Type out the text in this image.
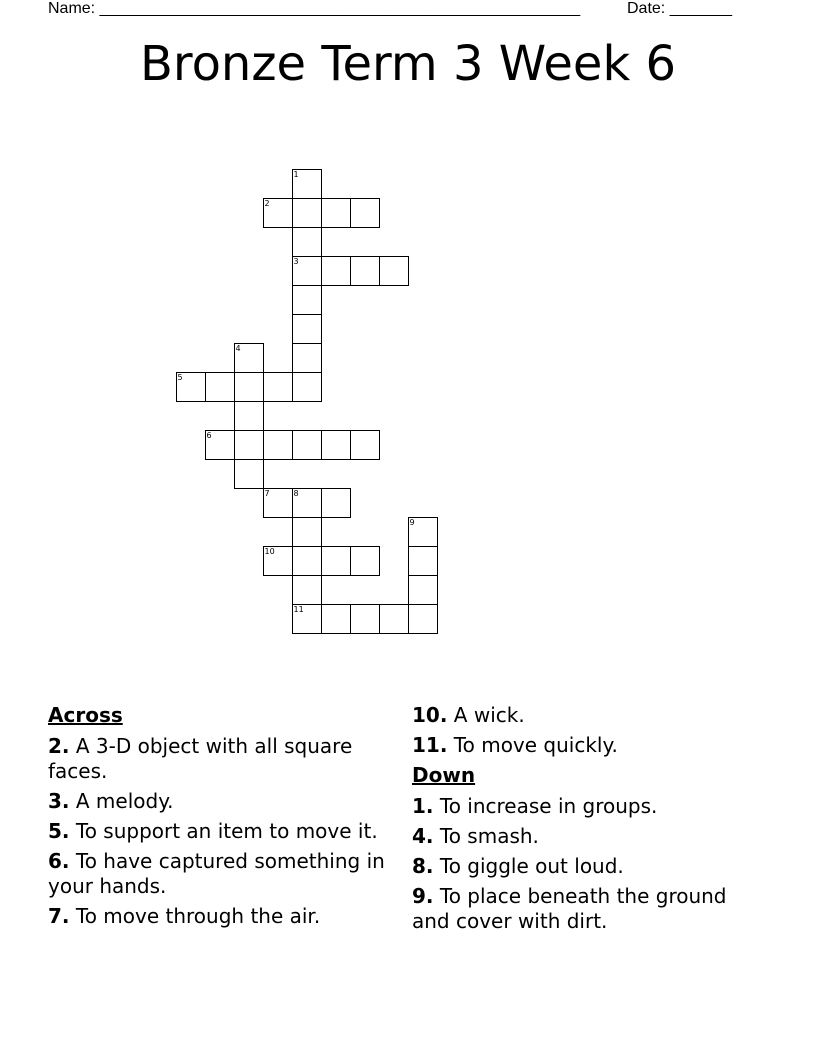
Name: ______________________________________________________	Date: _______
Bronze Term 3 Week 6
1
2
3
4
5
6
7	8
9
10
11
Across
2. A 3-D object with all square faces.
3. A melody.
5. To support an item to move it.
6. To have captured something in your hands.
7. To move through the air.
10. A wick.
11. To move quickly.
Down
1. To increase in groups.
4. To smash.
8. To giggle out loud.
9. To place beneath the ground and cover with dirt.
